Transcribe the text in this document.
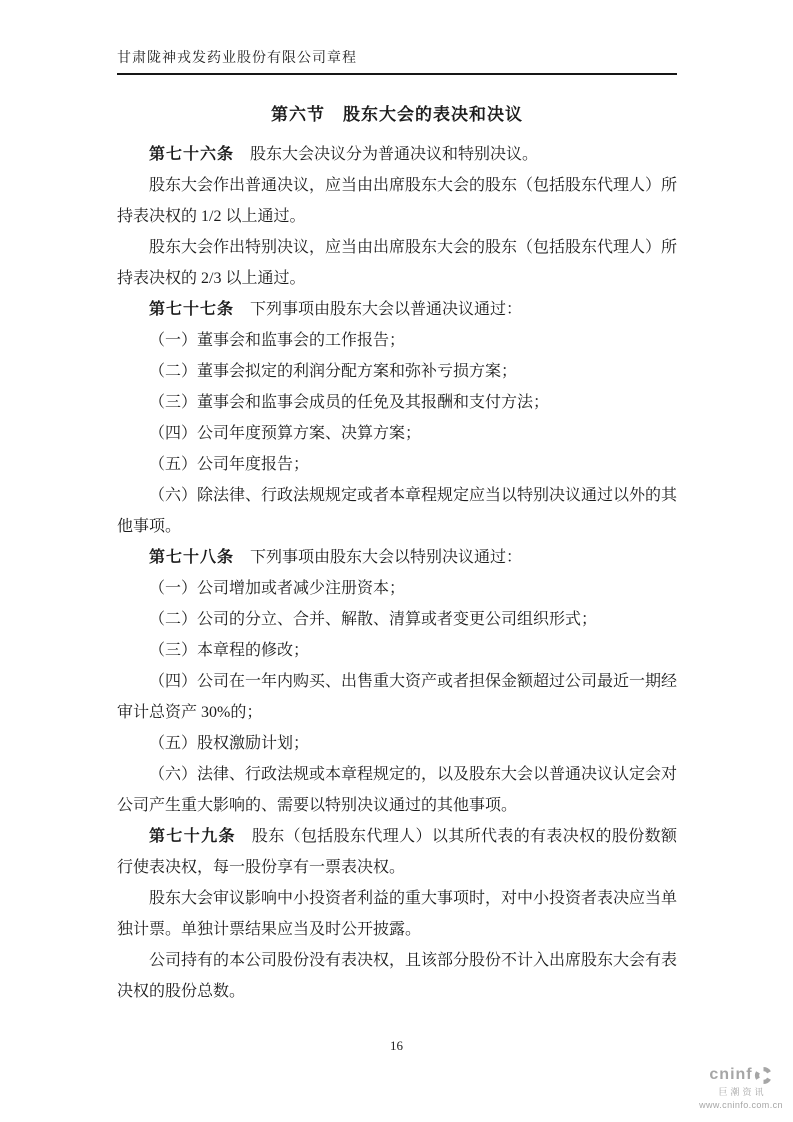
甘肃陇神戎发药业股份有限公司章程
第六节　股东大会的表决和决议

第七十六条 股东大会决议分为普通决议和特别决议。

股东大会作出普通决议，应当由出席股东大会的股东（包括股东代理人）所持表决权的 1/2 以上通过。

股东大会作出特别决议，应当由出席股东大会的股东（包括股东代理人）所持表决权的 2/3 以上通过。

第七十七条 下列事项由股东大会以普通决议通过：

（一）董事会和监事会的工作报告；

（二）董事会拟定的利润分配方案和弥补亏损方案；

（三）董事会和监事会成员的任免及其报酬和支付方法；

（四）公司年度预算方案、决算方案；

（五）公司年度报告；

（六）除法律、行政法规规定或者本章程规定应当以特别决议通过以外的其他事项。

第七十八条 下列事项由股东大会以特别决议通过：

（一）公司增加或者减少注册资本；

（二）公司的分立、合并、解散、清算或者变更公司组织形式；

（三）本章程的修改；

（四）公司在一年内购买、出售重大资产或者担保金额超过公司最近一期经审计总资产 30%的；

（五）股权激励计划；

（六）法律、行政法规或本章程规定的，以及股东大会以普通决议认定会对公司产生重大影响的、需要以特别决议通过的其他事项。

第七十九条 股东（包括股东代理人）以其所代表的有表决权的股份数额行使表决权，每一股份享有一票表决权。

股东大会审议影响中小投资者利益的重大事项时，对中小投资者表决应当单独计票。单独计票结果应当及时公开披露。

公司持有的本公司股份没有表决权，且该部分股份不计入出席股东大会有表决权的股份总数。

16
cninf
巨潮资讯
www.cninfo.com.cn
